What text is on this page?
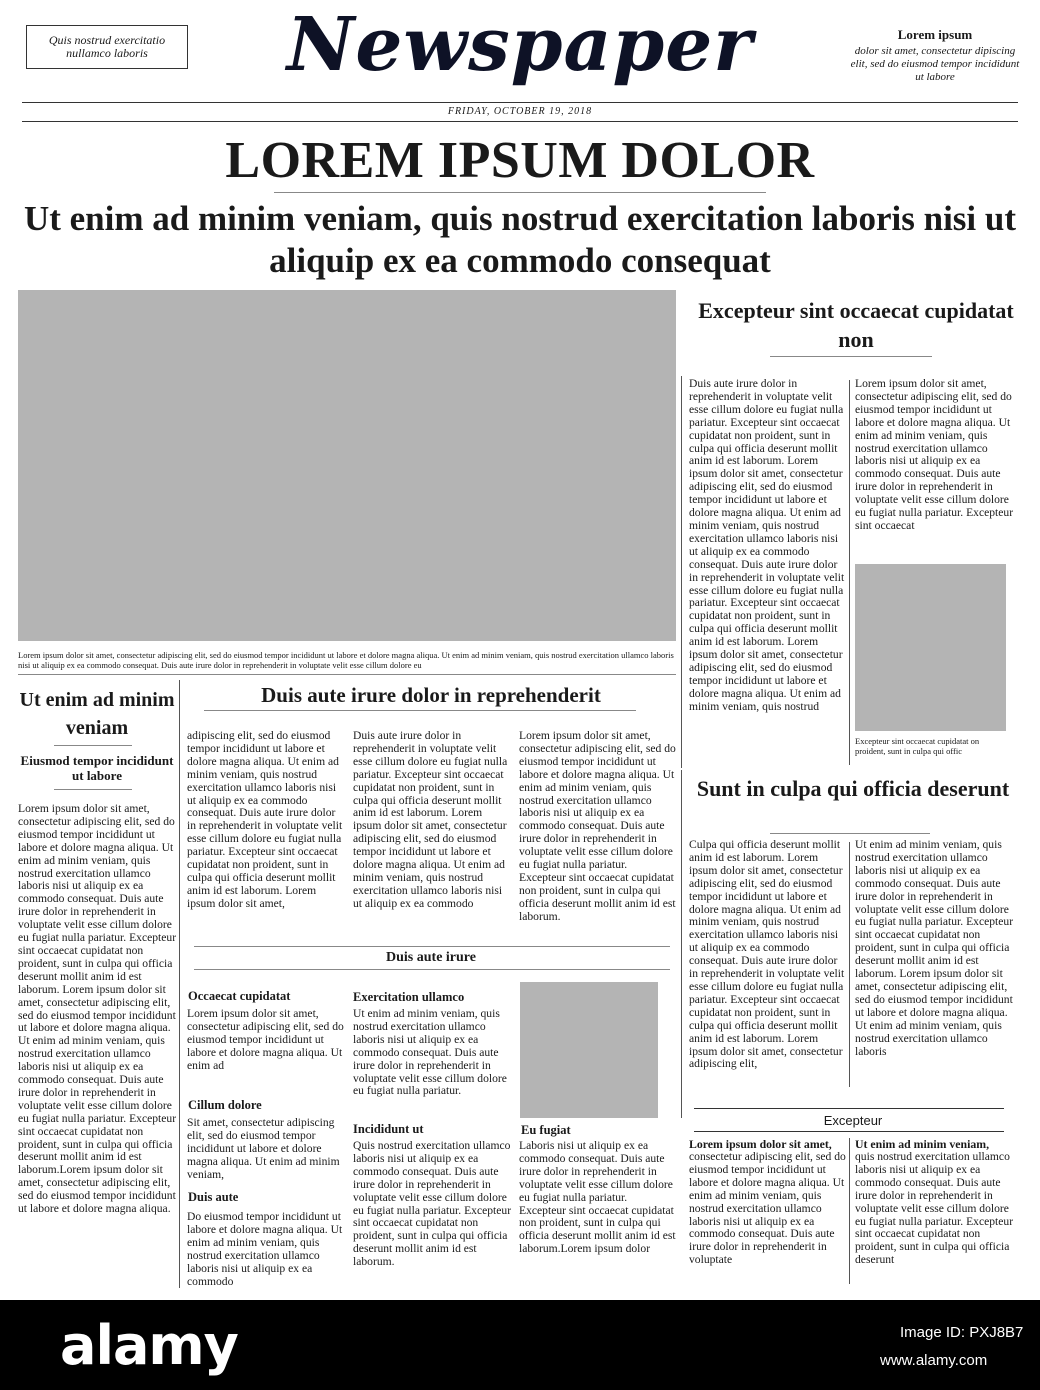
Quis nostrud exercitatio nullamco laboris	Newspaper	Lorem ipsum
dolor sit amet, consectetur dipiscing elit, sed do eiusmod tempor incididunt ut labore
FRIDAY, OCTOBER 19, 2018
LOREM IPSUM DOLOR
Ut enim ad minim veniam, quis nostrud exercitation laboris nisi ut aliquip ex ea commodo consequat
Lorem ipsum dolor sit amet, consectetur adipiscing elit, sed do eiusmod tempor incididunt ut labore et dolore magna aliqua. Ut enim ad minim veniam, quis nostrud exercitation ullamco laboris nisi ut aliquip ex ea commodo consequat. Duis aute irure dolor in reprehenderit in voluptate velit esse cillum dolore eu
Excepteur sint occaecat cupidatat non
Duis aute irure dolor in reprehenderit in voluptate velit esse cillum dolore eu fugiat nulla pariatur. Excepteur sint occaecat cupidatat non proident, sunt in culpa qui officia deserunt mollit anim id est laborum. Lorem ipsum dolor sit amet, consectetur adipiscing elit, sed do eiusmod tempor incididunt ut labore et dolore magna aliqua. Ut enim ad minim veniam, quis nostrud exercitation ullamco laboris nisi ut aliquip ex ea commodo consequat. Duis aute irure dolor in reprehenderit in voluptate velit esse cillum dolore eu fugiat nulla pariatur. Excepteur sint occaecat cupidatat non proident, sunt in culpa qui officia deserunt mollit anim id est laborum. Lorem ipsum dolor sit amet, consectetur adipiscing elit, sed do eiusmod tempor incididunt ut labore et dolore magna aliqua. Ut enim ad minim veniam, quis nostrud
Lorem ipsum dolor sit amet, consectetur adipiscing elit, sed do eiusmod tempor incididunt ut labore et dolore magna aliqua. Ut enim ad minim veniam, quis nostrud exercitation ullamco laboris nisi ut aliquip ex ea commodo consequat. Duis aute irure dolor in reprehenderit in voluptate velit esse cillum dolore eu fugiat nulla pariatur. Excepteur sint occaecat
Excepteur sint occaecat cupidatat on proident, sunt in culpa qui offic
Ut enim ad minim veniam
Eiusmod tempor incididunt ut labore
Lorem ipsum dolor sit amet, consectetur adipiscing elit, sed do eiusmod tempor incididunt ut labore et dolore magna aliqua. Ut enim ad minim veniam, quis nostrud exercitation ullamco laboris nisi ut aliquip ex ea commodo consequat. Duis aute irure dolor in reprehenderit in voluptate velit esse cillum dolore eu fugiat nulla pariatur. Excepteur sint occaecat cupidatat non proident, sunt in culpa qui officia deserunt mollit anim id est laborum. Lorem ipsum dolor sit amet, consectetur adipiscing elit, sed do eiusmod tempor incididunt ut labore et dolore magna aliqua. Ut enim ad minim veniam, quis nostrud exercitation ullamco laboris nisi ut aliquip ex ea commodo consequat. Duis aute irure dolor in reprehenderit in voluptate velit esse cillum dolore eu fugiat nulla pariatur. Excepteur sint occaecat cupidatat non proident, sunt in culpa qui officia deserunt mollit anim id est laborum.Lorem ipsum dolor sit amet, consectetur adipiscing elit, sed do eiusmod tempor incididunt ut labore et dolore magna aliqua.
Duis aute irure dolor in reprehenderit
adipiscing elit, sed do eiusmod tempor incididunt ut labore et dolore magna aliqua. Ut enim ad minim veniam, quis nostrud exercitation ullamco laboris nisi ut aliquip ex ea commodo consequat. Duis aute irure dolor in reprehenderit in voluptate velit esse cillum dolore eu fugiat nulla pariatur. Excepteur sint occaecat cupidatat non proident, sunt in culpa qui officia deserunt mollit anim id est laborum. Lorem ipsum dolor sit amet,
Duis aute irure dolor in reprehenderit in voluptate velit esse cillum dolore eu fugiat nulla pariatur. Excepteur sint occaecat cupidatat non proident, sunt in culpa qui officia deserunt mollit anim id est laborum. Lorem ipsum dolor sit amet, consectetur adipiscing elit, sed do eiusmod tempor incididunt ut labore et dolore magna aliqua. Ut enim ad minim veniam, quis nostrud exercitation ullamco laboris nisi ut aliquip ex ea commodo
Lorem ipsum dolor sit amet, consectetur adipiscing elit, sed do eiusmod tempor incididunt ut labore et dolore magna aliqua. Ut enim ad minim veniam, quis nostrud exercitation ullamco laboris nisi ut aliquip ex ea commodo consequat. Duis aute irure dolor in reprehenderit in voluptate velit esse cillum dolore eu fugiat nulla pariatur. Excepteur sint occaecat cupidatat non proident, sunt in culpa qui officia deserunt mollit anim id est laborum.
Duis aute irure
Occaecat cupidatat
Lorem ipsum dolor sit amet, consectetur adipiscing elit, sed do eiusmod tempor incididunt ut labore et dolore magna aliqua. Ut enim ad
Cillum dolore
Sit amet, consectetur adipiscing elit, sed do eiusmod tempor incididunt ut labore et dolore magna aliqua. Ut enim ad minim veniam,
Duis aute
Do eiusmod tempor incididunt ut labore et dolore magna aliqua. Ut enim ad minim veniam, quis nostrud exercitation ullamco laboris nisi ut aliquip ex ea commodo
Exercitation ullamco
Ut enim ad minim veniam, quis nostrud exercitation ullamco laboris nisi ut aliquip ex ea commodo consequat. Duis aute irure dolor in reprehenderit in voluptate velit esse cillum dolore eu fugiat nulla pariatur.
Incididunt ut
Quis nostrud exercitation ullamco laboris nisi ut aliquip ex ea commodo consequat. Duis aute irure dolor in reprehenderit in voluptate velit esse cillum dolore eu fugiat nulla pariatur. Excepteur sint occaecat cupidatat non proident, sunt in culpa qui officia deserunt mollit anim id est laborum.
Eu fugiat
Laboris nisi ut aliquip ex ea commodo consequat. Duis aute irure dolor in reprehenderit in voluptate velit esse cillum dolore eu fugiat nulla pariatur. Excepteur sint occaecat cupidatat non proident, sunt in culpa qui officia deserunt mollit anim id est laborum.Lorem ipsum dolor
Sunt in culpa qui officia deserunt
Culpa qui officia deserunt mollit anim id est laborum. Lorem ipsum dolor sit amet, consectetur adipiscing elit, sed do eiusmod tempor incididunt ut labore et dolore magna aliqua. Ut enim ad minim veniam, quis nostrud exercitation ullamco laboris nisi ut aliquip ex ea commodo consequat. Duis aute irure dolor in reprehenderit in voluptate velit esse cillum dolore eu fugiat nulla pariatur. Excepteur sint occaecat cupidatat non proident, sunt in culpa qui officia deserunt mollit anim id est laborum. Lorem ipsum dolor sit amet, consectetur adipiscing elit,
Ut enim ad minim veniam, quis nostrud exercitation ullamco laboris nisi ut aliquip ex ea commodo consequat. Duis aute irure dolor in reprehenderit in voluptate velit esse cillum dolore eu fugiat nulla pariatur. Excepteur sint occaecat cupidatat non proident, sunt in culpa qui officia deserunt mollit anim id est laborum. Lorem ipsum dolor sit amet, consectetur adipiscing elit, sed do eiusmod tempor incididunt ut labore et dolore magna aliqua. Ut enim ad minim veniam, quis nostrud exercitation ullamco laboris
Excepteur
Lorem ipsum dolor sit amet,
consectetur adipiscing elit, sed do eiusmod tempor incididunt ut labore et dolore magna aliqua. Ut enim ad minim veniam, quis nostrud exercitation ullamco laboris nisi ut aliquip ex ea commodo consequat. Duis aute irure dolor in reprehenderit in voluptate
Ut enim ad minim veniam,
quis nostrud exercitation ullamco laboris nisi ut aliquip ex ea commodo consequat. Duis aute irure dolor in reprehenderit in voluptate velit esse cillum dolore eu fugiat nulla pariatur. Excepteur sint occaecat cupidatat non proident, sunt in culpa qui officia deserunt
alamy	Image ID: PXJ8B7
www.alamy.com
